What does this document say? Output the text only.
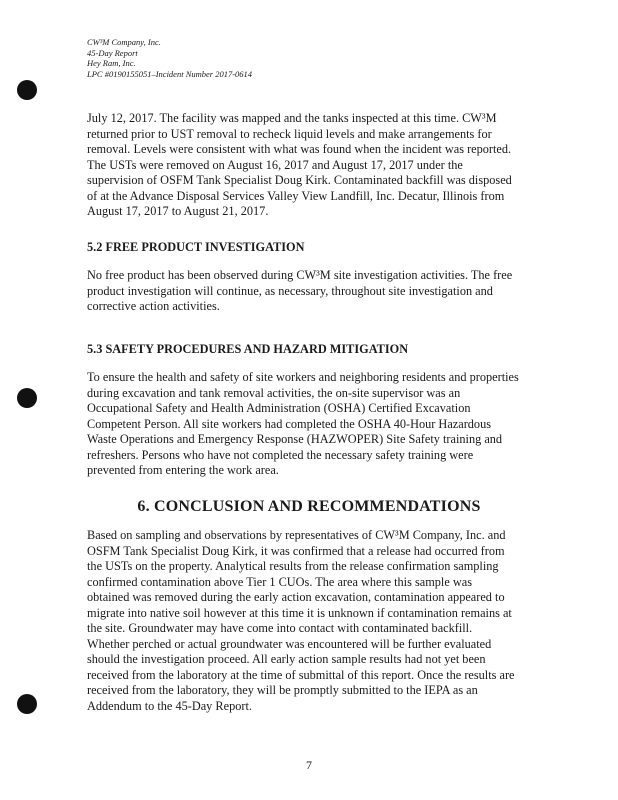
CW³M Company, Inc.
45-Day Report
Hey Ram, Inc.
LPC #0190155051–Incident Number 2017-0614
July 12, 2017. The facility was mapped and the tanks inspected at this time. CW³M
returned prior to UST removal to recheck liquid levels and make arrangements for
removal. Levels were consistent with what was found when the incident was reported.
The USTs were removed on August 16, 2017 and August 17, 2017 under the
supervision of OSFM Tank Specialist Doug Kirk. Contaminated backfill was disposed
of at the Advance Disposal Services Valley View Landfill, Inc. Decatur, Illinois from
August 17, 2017 to August 21, 2017.
5.2 FREE PRODUCT INVESTIGATION
No free product has been observed during CW³M site investigation activities. The free
product investigation will continue, as necessary, throughout site investigation and
corrective action activities.
5.3 SAFETY PROCEDURES AND HAZARD MITIGATION
To ensure the health and safety of site workers and neighboring residents and properties
during excavation and tank removal activities, the on-site supervisor was an
Occupational Safety and Health Administration (OSHA) Certified Excavation
Competent Person. All site workers had completed the OSHA 40-Hour Hazardous
Waste Operations and Emergency Response (HAZWOPER) Site Safety training and
refreshers. Persons who have not completed the necessary safety training were
prevented from entering the work area.
6. CONCLUSION AND RECOMMENDATIONS
Based on sampling and observations by representatives of CW³M Company, Inc. and
OSFM Tank Specialist Doug Kirk, it was confirmed that a release had occurred from
the USTs on the property. Analytical results from the release confirmation sampling
confirmed contamination above Tier 1 CUOs. The area where this sample was
obtained was removed during the early action excavation, contamination appeared to
migrate into native soil however at this time it is unknown if contamination remains at
the site. Groundwater may have come into contact with contaminated backfill.
Whether perched or actual groundwater was encountered will be further evaluated
should the investigation proceed. All early action sample results had not yet been
received from the laboratory at the time of submittal of this report. Once the results are
received from the laboratory, they will be promptly submitted to the IEPA as an
Addendum to the 45-Day Report.
7
